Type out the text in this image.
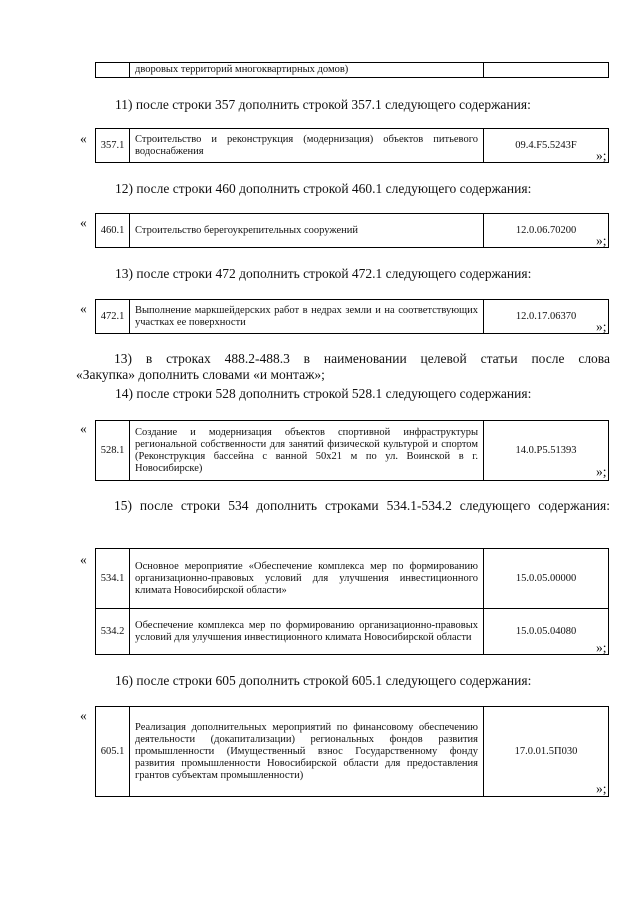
	дворовых территорий многоквартирных домов)	
11) после строки 357 дополнить строкой 357.1 следующего содержания:
« 357.1	Строительство и реконструкция (модернизация) объектов питьевого водоснабжения	09.4.F5.5243F
»;
12) после строки 460 дополнить строкой 460.1 следующего содержания:
« 460.1	Строительство берегоукрепительных сооружений	12.0.06.70200
»;
13) после строки 472 дополнить строкой 472.1 следующего содержания:
« 472.1	Выполнение маркшейдерских работ в недрах земли и на соответствующих участках ее поверхности	12.0.17.06370
»;
13) в строках 488.2-488.3 в наименовании целевой статьи после слова
«Закупка» дополнить словами «и монтаж»;
14) после строки 528 дополнить строкой 528.1 следующего содержания:
«
528.1	Создание и модернизация объектов спортивной инфраструктуры региональной собственности для занятий физической культурой и спортом (Реконструкция бассейна с ванной 50х21 м по ул. Воинской в г. Новосибирске)	14.0.P5.51393
»;
15) после строки 534 дополнить строками 534.1-534.2 следующего содержания:
«
534.1	Основное мероприятие «Обеспечение комплекса мер по формированию организационно-правовых условий для улучшения инвестиционного климата Новосибирской области»	15.0.05.00000
534.2	Обеспечение комплекса мер по формированию организационно-правовых условий для улучшения инвестиционного климата Новосибирской области	15.0.05.04080
»;
16) после строки 605 дополнить строкой 605.1 следующего содержания:
«
605.1	Реализация дополнительных мероприятий по финансовому обеспечению деятельности (докапитализации) региональных фондов развития промышленности (Имущественный взнос Государственному фонду развития промышленности Новосибирской области для предоставления грантов субъектам промышленности)	17.0.01.5П030
»;
